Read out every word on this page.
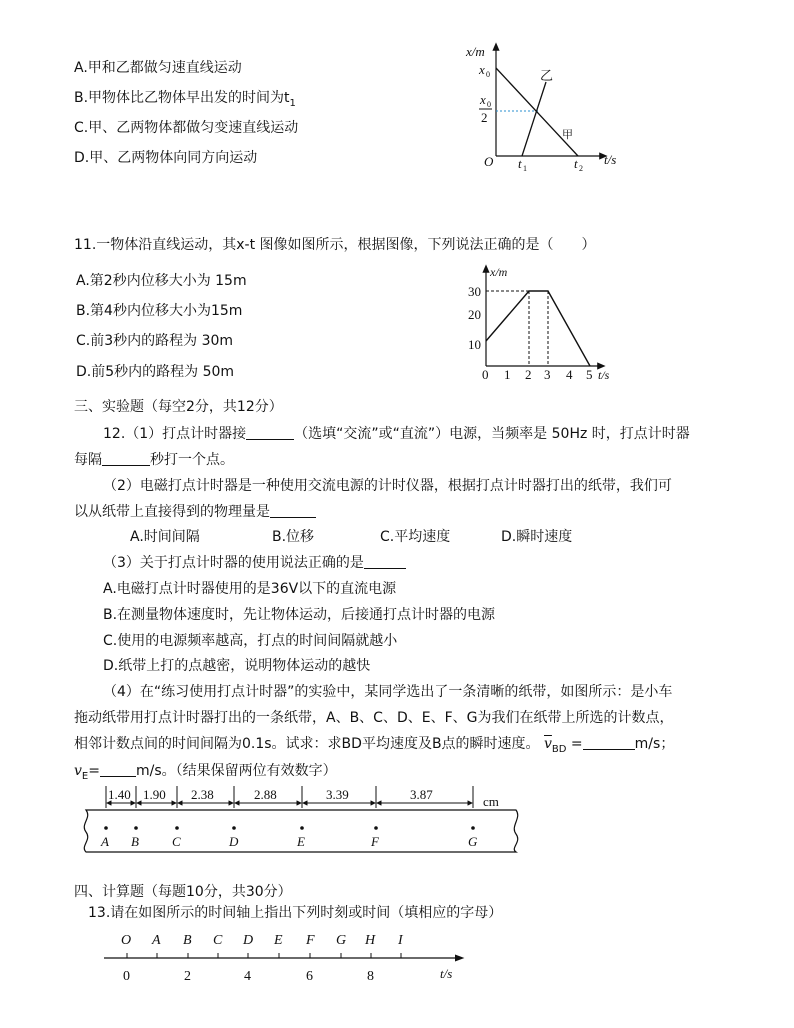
A.甲和乙都做匀速直线运动
B.甲物体比乙物体早出发的时间为$t_1$
C.甲、乙两物体都做匀变速直线运动
D.甲、乙两物体向同方向运动
x/m
t/s
O
x 0
x 0
2
乙
甲
t 1	t 2
11.一物体沿直线运动，其x-t 图像如图所示，根据图像，下列说法正确的是（　　）
A.第2秒内位移大小为 15m
B.第4秒内位移大小为15m
C.前3秒内的路程为 30m
D.前5秒内的路程为 50m
x/m
t/s
30
20
10
0 1 2 3 4 5
三、实验题（每空2分，共12分）
12.（1）打点计时器接	（选填“交流”或“直流”）电源，当频率是 50Hz 时，打点计时器
每隔	秒打一个点。
（2）电磁打点计时器是一种使用交流电源的计时仪器，根据打点计时器打出的纸带，我们可
以从纸带上直接得到的物理量是
A.时间间隔	B.位移	C.平均速度	D.瞬时速度
（3）关于打点计时器的使用说法正确的是
A.电磁打点计时器使用的是36V以下的直流电源
B.在测量物体速度时，先让物体运动，后接通打点计时器的电源
C.使用的电源频率越高，打点的时间间隔就越小
D.纸带上打的点越密，说明物体运动的越快
（4）在“练习使用打点计时器”的实验中，某同学选出了一条清晰的纸带，如图所示：是小车
拖动纸带用打点计时器打出的一条纸带，A、B、C、D、E、F、G为我们在纸带上所选的计数点，
相邻计数点间的时间间隔为0.1s。试求：求BD平均速度及B点的瞬时速度。 $\overline{v}_{BD}$ =	m/s；
$v_E=$	m/s。（结果保留两位有效数字）
1.40 1.90 2.38	2.88	3.39	3.87	cm
A B	C	D	E	F	G
四、计算题（每题10分，共30分）
13.请在如图所示的时间轴上指出下列时刻或时间（填相应的字母）
O A B C D E F G H I
0	2	4	6	8	t/s
